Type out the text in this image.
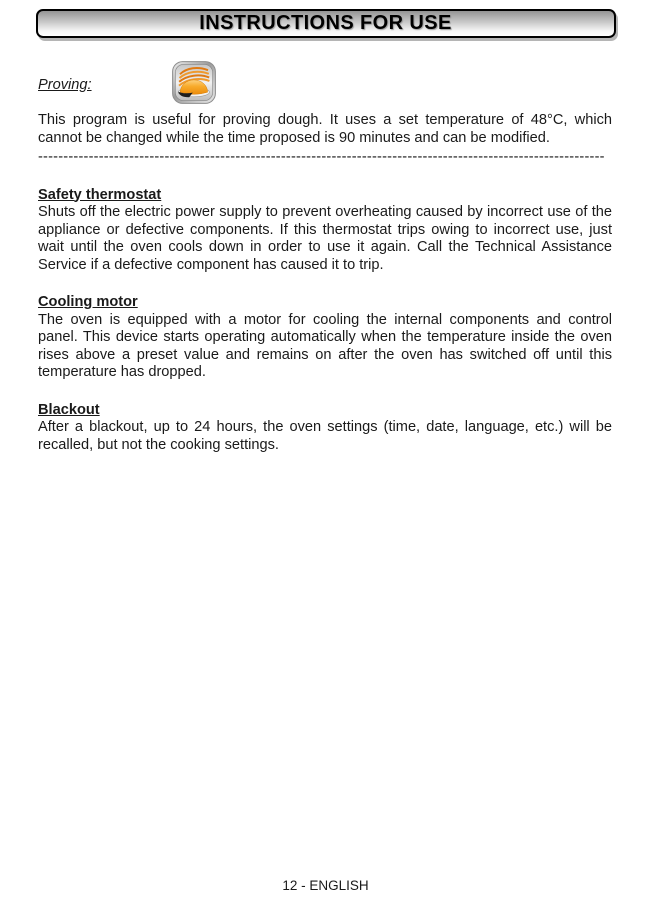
INSTRUCTIONS FOR USE
Proving:

This program is useful for proving dough. It uses a set temperature of 48°C, which cannot be changed while the time proposed is 90 minutes and can be modified.

----------------------------------------------------------------------------------------------------------------
Safety thermostat

Shuts off the electric power supply to prevent overheating caused by incorrect use of the appliance or defective components. If this thermostat trips owing to incorrect use, just wait until the oven cools down in order to use it again. Call the Technical Assistance Service if a defective component has caused it to trip.

Cooling motor

The oven is equipped with a motor for cooling the internal components and control panel. This device starts operating automatically when the temperature inside the oven rises above a preset value and remains on after the oven has switched off until this temperature has dropped.

Blackout

After a blackout, up to 24 hours, the oven settings (time, date, language, etc.) will be recalled, but not the cooking settings.

12 - ENGLISH
